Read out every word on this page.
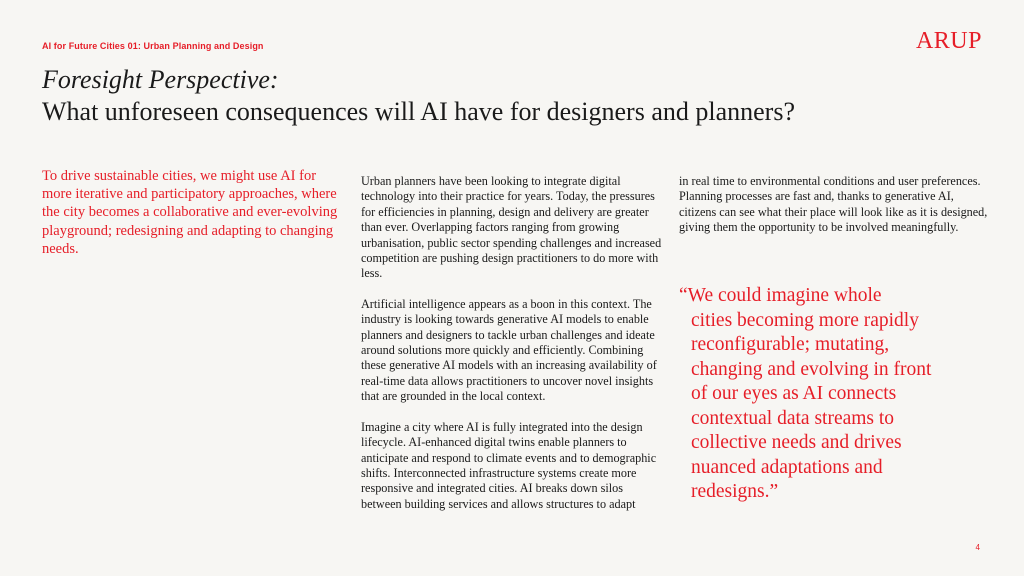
AI for Future Cities 01: Urban Planning and Design	ARUP
Foresight Perspective:
What unforeseen consequences will AI have for designers and planners?
To drive sustainable cities, we might use AI for more iterative and participatory approaches, where the city becomes a collaborative and ever-evolving playground; redesigning and adapting to changing needs.

Urban planners have been looking to integrate digital technology into their practice for years. Today, the pressures for efficiencies in planning, design and delivery are greater than ever. Overlapping factors ranging from growing urbanisation, public sector spending challenges and increased competition are pushing design practitioners to do more with less.

Artificial intelligence appears as a boon in this context. The industry is looking towards generative AI models to enable planners and designers to tackle urban challenges and ideate around solutions more quickly and efficiently. Combining these generative AI models with an increasing availability of real-time data allows practitioners to uncover novel insights that are grounded in the local context.

Imagine a city where AI is fully integrated into the design lifecycle. AI-enhanced digital twins enable planners to anticipate and respond to climate events and to demographic shifts. Interconnected infrastructure systems create more responsive and integrated cities. AI breaks down silos between building services and allows structures to adapt

in real time to environmental conditions and user preferences. Planning processes are fast and, thanks to generative AI, citizens can see what their place will look like as it is designed, giving them the opportunity to be involved meaningfully.

“We could imagine whole
cities becoming more rapidly
reconfigurable; mutating,
changing and evolving in front
of our eyes as AI connects
contextual data streams to
collective needs and drives
nuanced adaptations and
redesigns.”
4
